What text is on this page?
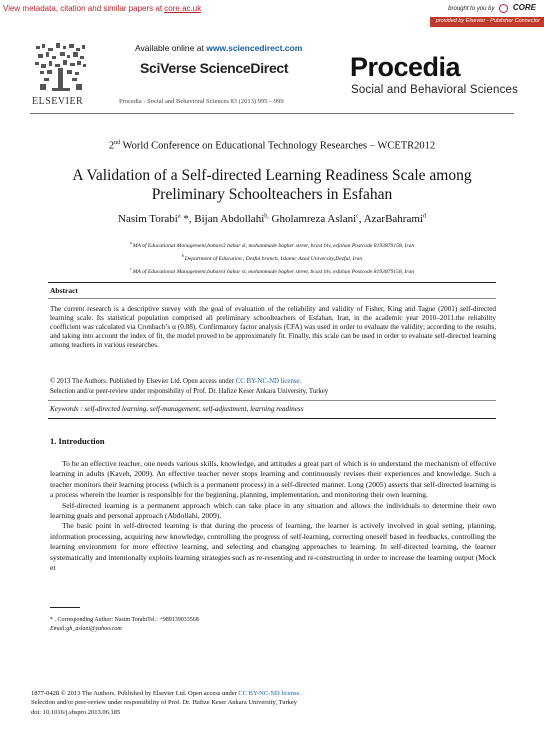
View metadata, citation and similar papers at core.ac.uk	brought to you by CORE
provided by Elsevier - Publisher Connector
ELSEVIER
Available online at www.sciencedirect.com
SciVerse ScienceDirect
Procedia - Social and Behavioral Sciences 83 (2013) 995 – 999
Procedia
Social and Behavioral Sciences
2nd World Conference on Educational Technology Researches – WCETR2012
A Validation of a Self-directed Learning Readiness Scale among
Preliminary Schoolteachers in Esfahan
Nasim Torabi$^a$ *, Bijan Abdollahi$^{b,}$ Gholamreza Aslani$^c$, AzarBahrami$^d$
$^a$ MA of Educational Management,bahare3 bahar st, mohammade bagher street, bcast blv, esfahan Postcode 8193879158, Iran
$^b$ Department of Education , Dezful branch, Islamic Azad University,Dezful, Iran
$^c$ MA of Educational Management,bahare3 bahar st, mohammade bagher street, bcast blv, esfahan Postcode 8193879158, Iran
Abstract
The current research is a descriptive survey with the goal of evaluation of the reliability and validity of Fisher, King and Tague (2001) self-directed learning scale. Its statistical population comprised all preliminary schoolteachers of Esfahan, Iran, in the academic year 2010–2011.the reliability coefficient was calculated via Cronbach’s α (0.88). Confirmatory factor analysis (CFA) was used in order to evaluate the validity; according to the results, and taking into account the index of fit, the model proved to be approximately fit. Finally, this scale can be used in order to evaluate self-directed learning among teachers in various researches.
© 2013 The Authors. Published by Elsevier Ltd. Open access under CC BY-NC-ND license.
Selection and/or peer-review under responsibility of Prof. Dr. Hafize Keser Ankara University, Turkey
Keywords : self-directed learning, self-management, self-adjustment, learning readiness
1. Introduction

To be an effective teacher, one needs various skills, knowledge, and attitudes a great part of which is to understand the mechanism of effective learning in adults (Kaveh, 2009). An effective teacher never stops learning and continuously revises their experiences and knowledge. Such a teacher monitors their learning process (which is a permanent process) in a self-directed manner. Long (2005) asserts that self-directed learning is a process wherein the learner is responsible for the beginning, planning, implementation, and monitoring their own learning.

Self-directed learning is a permanent approach which can take place in any situation and allows the individuals to determine their own learning goals and personal approach (Abdollahi, 2009).

The basic point in self-directed learning is that during the process of learning, the learner is actively involved in goal setting, planning, information processing, acquiring new knowledge, controlling the progress of self-learning, correcting oneself based in feedbacks, controlling the learning environment for more effective learning, and selecting and changing approaches to learning. In self-directed learning, the learner systematically and intentionally exploits learning strategies such as re-resenting and re-constructing in order to increase the learning output (Mock et

* . Corresponding Author: Nasim TorabiTel.: +989139033568
Email:gh_aslani@yahoo.com
1877-0428 © 2013 The Authors. Published by Elsevier Ltd. Open access under CC BY-NC-ND license.
Selection and/or peer-review under responsibility of Prof. Dr. Hafize Keser Ankara University, Turkey
doi: 10.1016/j.sbspro.2013.06.185
